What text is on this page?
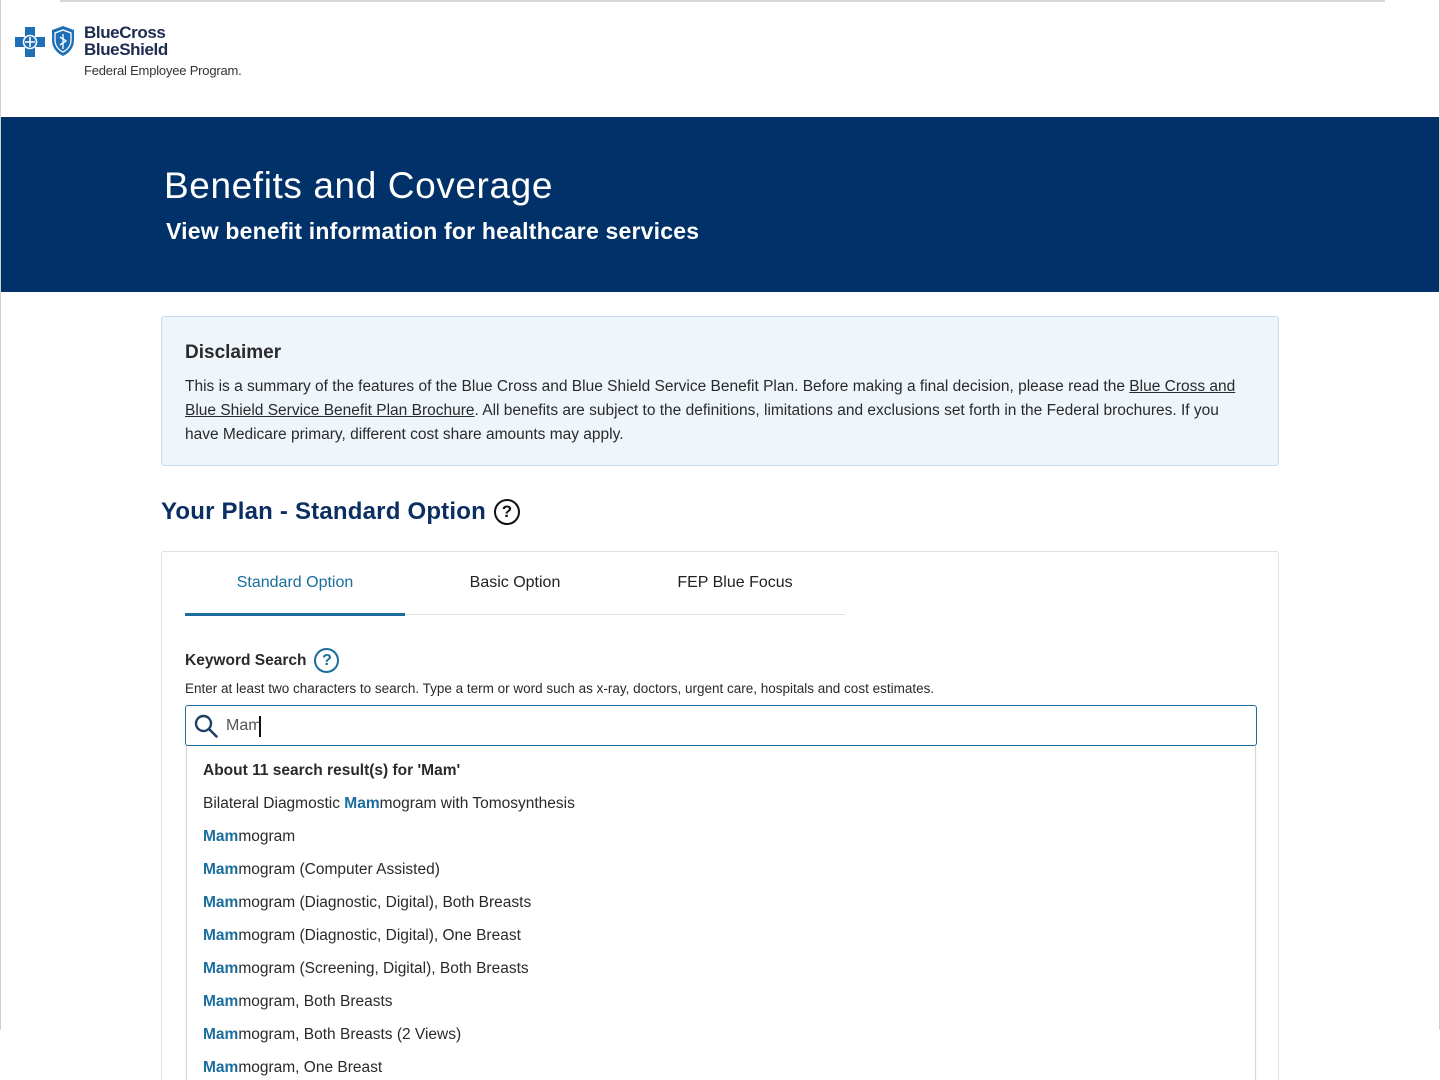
BlueCross
BlueShield
Federal Employee Program.
Benefits and Coverage
View benefit information for healthcare services
Disclaimer

This is a summary of the features of the Blue Cross and Blue Shield Service Benefit Plan. Before making a final decision, please read the Blue Cross and Blue Shield Service Benefit Plan Brochure. All benefits are subject to the definitions, limitations and exclusions set forth in the Federal brochures. If you have Medicare primary, different cost share amounts may apply.

Your Plan - Standard Option ?
Standard Option	Basic Option	FEP Blue Focus
Keyword Search ?
Enter at least two characters to search. Type a term or word such as x-ray, doctors, urgent care, hospitals and cost estimates.
Mam
About 11 search result(s) for 'Mam'
Bilateral Diagmostic Mammogram with Tomosynthesis
Mammogram
Mammogram (Computer Assisted)
Mammogram (Diagnostic, Digital), Both Breasts
Mammogram (Diagnostic, Digital), One Breast
Mammogram (Screening, Digital), Both Breasts
Mammogram, Both Breasts
Mammogram, Both Breasts (2 Views)
Mammogram, One Breast
